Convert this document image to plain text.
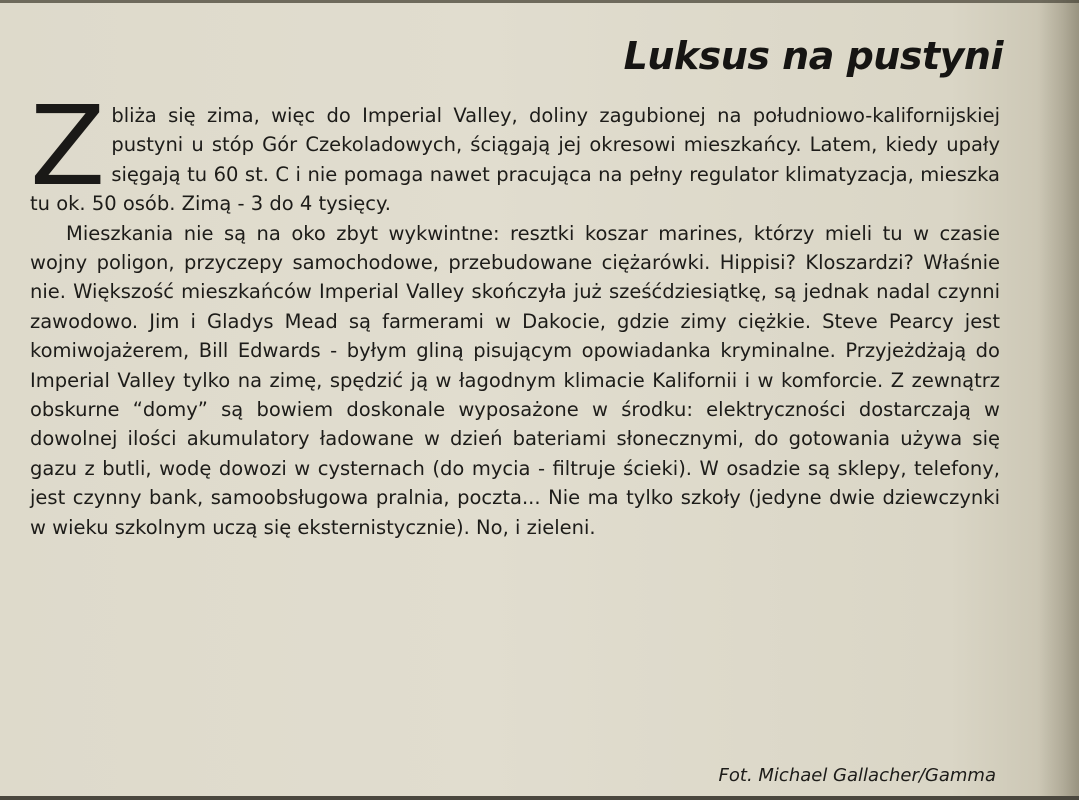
Luksus na pustyni

Zbliża się zima, więc do Imperial Valley, doliny zagubionej na południowo-kalifornijskiej pustyni u stóp Gór Czekoladowych, ściągają jej okresowi mieszkańcy. Latem, kiedy upały sięgają tu 60 st. C i nie pomaga nawet pracująca na pełny regulator klimatyzacja, mieszka tu ok. 50 osób. Zimą - 3 do 4 tysięcy.

Mieszkania nie są na oko zbyt wykwintne: resztki koszar marines, którzy mieli tu w czasie wojny poligon, przyczepy samochodowe, przebudowane ciężarówki. Hippisi? Kloszardzi? Właśnie nie. Większość mieszkańców Imperial Valley skończyła już sześćdziesiątkę, są jednak nadal czynni zawodowo. Jim i Gladys Mead są farmerami w Dakocie, gdzie zimy ciężkie. Steve Pearcy jest komiwojażerem, Bill Edwards - byłym gliną pisującym opowiadanka kryminalne. Przyjeżdżają do Imperial Valley tylko na zimę, spędzić ją w łagodnym klimacie Kalifornii i w komforcie. Z zewnątrz obskurne “domy” są bowiem doskonale wyposażone w środku: elektryczności dostarczają w dowolnej ilości akumulatory ładowane w dzień bateriami słonecznymi, do gotowania używa się gazu z butli, wodę dowozi w cysternach (do mycia - filtruje ścieki). W osadzie są sklepy, telefony, jest czynny bank, samoobsługowa pralnia, poczta... Nie ma tylko szkoły (jedyne dwie dziewczynki w wieku szkolnym uczą się eksternistycznie). No, i zieleni.

Fot. Michael Gallacher/Gamma
